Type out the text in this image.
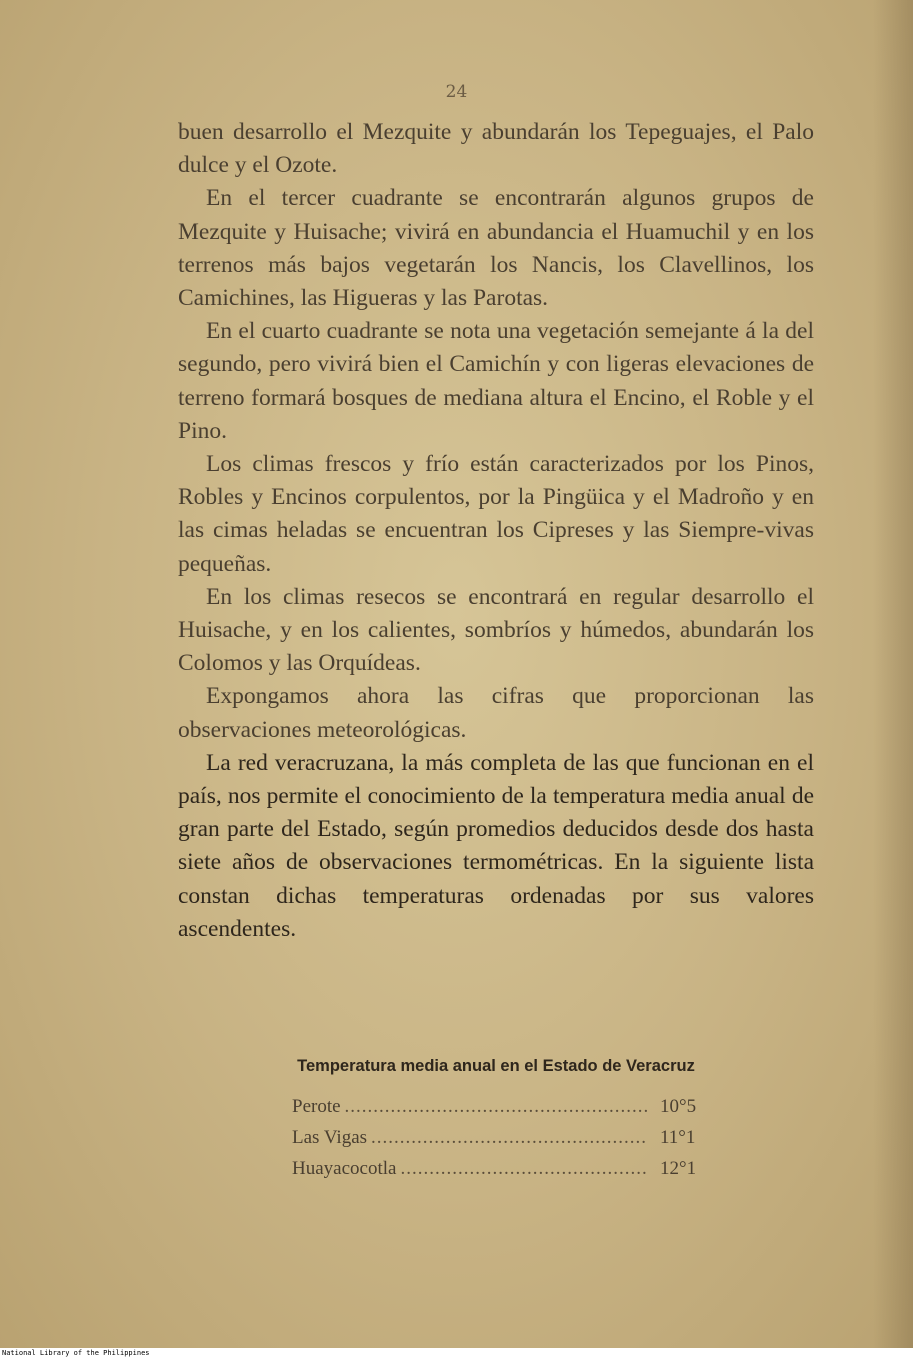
24

buen desarrollo el Mezquite y abundarán los Tepeguajes, el Palo dulce y el Ozote.

En el tercer cuadrante se encontrarán algunos grupos de Mezquite y Huisache; vivirá en abundancia el Huamuchil y en los terrenos más bajos vegetarán los Nancis, los Clavellinos, los Camichines, las Higueras y las Parotas.

En el cuarto cuadrante se nota una vegetación semejante á la del segundo, pero vivirá bien el Camichín y con ligeras elevaciones de terreno formará bosques de mediana altura el Encino, el Roble y el Pino.

Los climas frescos y frío están caracterizados por los Pinos, Robles y Encinos corpulentos, por la Pingüica y el Madroño y en las cimas heladas se encuentran los Cipreses y las Siempre-vivas pequeñas.

En los climas resecos se encontrará en regular desarrollo el Huisache, y en los calientes, sombríos y húmedos, abundarán los Colomos y las Orquídeas.

Expongamos ahora las cifras que proporcionan las observaciones meteorológicas.

La red veracruzana, la más completa de las que funcionan en el país, nos permite el conocimiento de la temperatura media anual de gran parte del Estado, según promedios deducidos desde dos hasta siete años de observaciones termométricas. En la siguiente lista constan dichas temperaturas ordenadas por sus valores ascendentes.

Temperatura media anual en el Estado de Veracruz
Perote .....	10°5
Las Vigas .....	11°1
Huayacocotla .....	12°1
National Library of the Philippines
